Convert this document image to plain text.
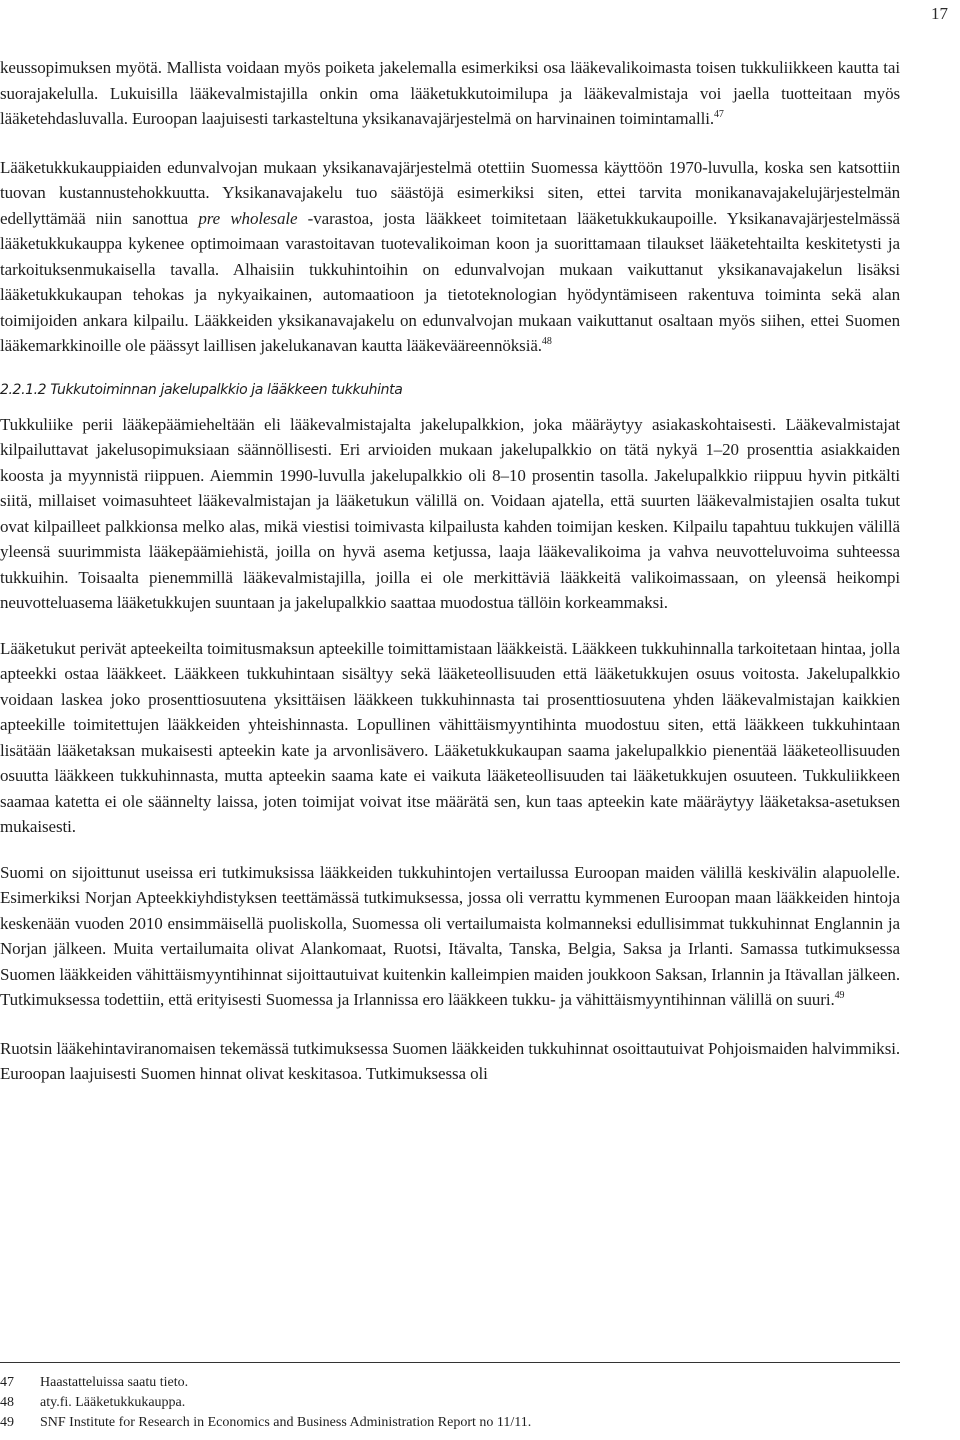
17

keussopimuksen myötä. Mallista voidaan myös poiketa jakelemalla esimerkiksi osa lääkevalikoimasta toisen tukkuliikkeen kautta tai suorajakelulla. Lukuisilla lääkevalmistajilla onkin oma lääketukkutoimilupa ja lääkevalmistaja voi jaella tuotteitaan myös lääketehdasluvalla. Euroopan laajuisesti tarkasteltuna yksikanavajärjestelmä on harvinainen toimintamalli.$^{47}$

Lääketukkukauppiaiden edunvalvojan mukaan yksikanavajärjestelmä otettiin Suomessa käyttöön 1970-luvulla, koska sen katsottiin tuovan kustannustehokkuutta. Yksikanavajakelu tuo säästöjä esimerkiksi siten, ettei tarvita monikanavajakelujärjestelmän edellyttämää niin sanottua pre wholesale -varastoa, josta lääkkeet toimitetaan lääketukkukaupoille. Yksikanavajärjestelmässä lääketukkukauppa kykenee optimoimaan varastoitavan tuotevalikoiman koon ja suorittamaan tilaukset lääketehtailta keskitetysti ja tarkoituksenmukaisella tavalla. Alhaisiin tukkuhintoihin on edunvalvojan mukaan vaikuttanut yksikanavajakelun lisäksi lääketukkukaupan tehokas ja nykyaikainen, automaatioon ja tietoteknologian hyödyntämiseen rakentuva toiminta sekä alan toimijoiden ankara kilpailu. Lääkkeiden yksikanavajakelu on edunvalvojan mukaan vaikuttanut osaltaan myös siihen, ettei Suomen lääkemarkkinoille ole päässyt laillisen jakelukanavan kautta lääkevääreennöksiä.$^{48}$

2.2.1.2 Tukkutoiminnan jakelupalkkio ja lääkkeen tukkuhinta

Tukkuliike perii lääkepäämieheltään eli lääkevalmistajalta jakelupalkkion, joka määräytyy asiakaskohtaisesti. Lääkevalmistajat kilpailuttavat jakelusopimuksiaan säännöllisesti. Eri arvioiden mukaan jakelupalkkio on tätä nykyä 1–20 prosenttia asiakkaiden koosta ja myynnistä riippuen. Aiemmin 1990-luvulla jakelupalkkio oli 8–10 prosentin tasolla. Jakelupalkkio riippuu hyvin pitkälti siitä, millaiset voimasuhteet lääkevalmistajan ja lääketukun välillä on. Voidaan ajatella, että suurten lääkevalmistajien osalta tukut ovat kilpailleet palkkionsa melko alas, mikä viestisi toimivasta kilpailusta kahden toimijan kesken. Kilpailu tapahtuu tukkujen välillä yleensä suurimmista lääkepäämiehistä, joilla on hyvä asema ketjussa, laaja lääkevalikoima ja vahva neuvotteluvoima suhteessa tukkuihin. Toisaalta pienemmillä lääkevalmistajilla, joilla ei ole merkittäviä lääkkeitä valikoimassaan, on yleensä heikompi neuvotteluasema lääketukkujen suuntaan ja jakelupalkkio saattaa muodostua tällöin korkeammaksi.

Lääketukut perivät apteekeilta toimitusmaksun apteekille toimittamistaan lääkkeistä. Lääkkeen tukkuhinnalla tarkoitetaan hintaa, jolla apteekki ostaa lääkkeet. Lääkkeen tukkuhintaan sisältyy sekä lääketeollisuuden että lääketukkujen osuus voitosta. Jakelupalkkio voidaan laskea joko prosenttiosuutena yksittäisen lääkkeen tukkuhinnasta tai prosenttiosuutena yhden lääkevalmistajan kaikkien apteekille toimitettujen lääkkeiden yhteishinnasta. Lopullinen vähittäismyyntihinta muodostuu siten, että lääkkeen tukkuhintaan lisätään lääketaksan mukaisesti apteekin kate ja arvonlisävero. Lääketukkukaupan saama jakelupalkkio pienentää lääketeollisuuden osuutta lääkkeen tukkuhinnasta, mutta apteekin saama kate ei vaikuta lääketeollisuuden tai lääketukkujen osuuteen. Tukkuliikkeen saamaa katetta ei ole säännelty laissa, joten toimijat voivat itse määrätä sen, kun taas apteekin kate määräytyy lääketaksa-asetuksen mukaisesti.

Suomi on sijoittunut useissa eri tutkimuksissa lääkkeiden tukkuhintojen vertailussa Euroopan maiden välillä keskivälin alapuolelle. Esimerkiksi Norjan Apteekkiyhdistyksen teettämässä tutkimuksessa, jossa oli verrattu kymmenen Euroopan maan lääkkeiden hintoja keskenään vuoden 2010 ensimmäisellä puoliskolla, Suomessa oli vertailumaista kolmanneksi edullisimmat tukkuhinnat Englannin ja Norjan jälkeen. Muita vertailumaita olivat Alankomaat, Ruotsi, Itävalta, Tanska, Belgia, Saksa ja Irlanti. Samassa tutkimuksessa Suomen lääkkeiden vähittäismyyntihinnat sijoittautuivat kuitenkin kalleimpien maiden joukkoon Saksan, Irlannin ja Itävallan jälkeen. Tutkimuksessa todettiin, että erityisesti Suomessa ja Irlannissa ero lääkkeen tukku- ja vähittäismyyntihinnan välillä on suuri.$^{49}$

Ruotsin lääkehintaviranomaisen tekemässä tutkimuksessa Suomen lääkkeiden tukkuhinnat osoittautuivat Pohjoismaiden halvimmiksi. Euroopan laajuisesti Suomen hinnat olivat keskitasoa. Tutkimuksessa oli

47	Haastatteluissa saatu tieto.
48	aty.fi. Lääketukkukauppa.
49	SNF Institute for Research in Economics and Business Administration Report no 11/11.
